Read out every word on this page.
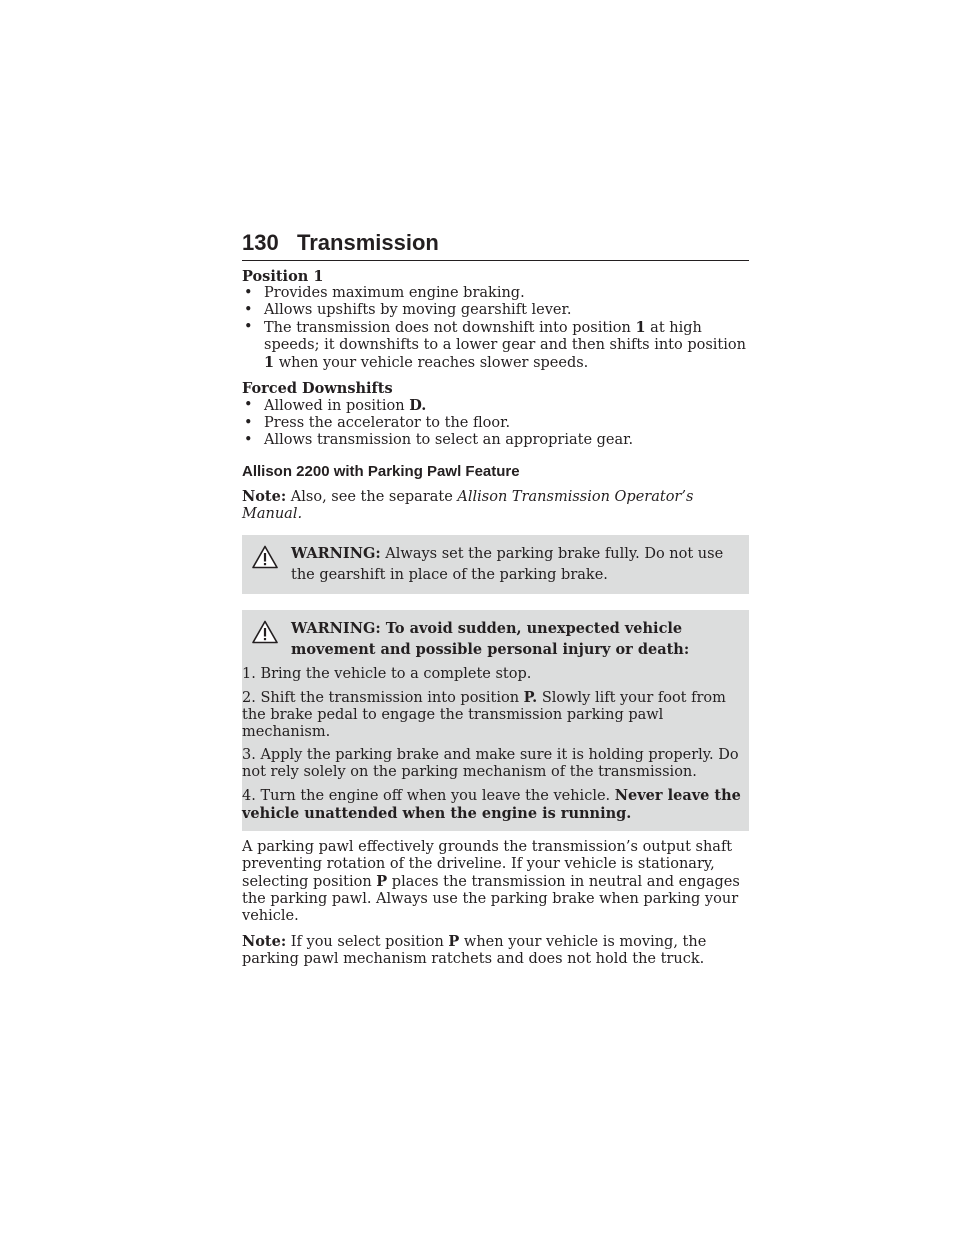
130 Transmission

Position 1

• Provides maximum engine braking.
• Allows upshifts by moving gearshift lever.
• The transmission does not downshift into position 1 at high speeds; it downshifts to a lower gear and then shifts into position 1 when your vehicle reaches slower speeds.

Forced Downshifts

• Allowed in position D.
• Press the accelerator to the floor.
• Allows transmission to select an appropriate gear.

Allison 2200 with Parking Pawl Feature

Note: Also, see the separate Allison Transmission Operator’s Manual.

WARNING: Always set the parking brake fully. Do not use the gearshift in place of the parking brake.

WARNING: To avoid sudden, unexpected vehicle movement and possible personal injury or death:

1. Bring the vehicle to a complete stop.

2. Shift the transmission into position P. Slowly lift your foot from the brake pedal to engage the transmission parking pawl mechanism.

3. Apply the parking brake and make sure it is holding properly. Do not rely solely on the parking mechanism of the transmission.

4. Turn the engine off when you leave the vehicle. Never leave the vehicle unattended when the engine is running.

A parking pawl effectively grounds the transmission’s output shaft preventing rotation of the driveline. If your vehicle is stationary, selecting position P places the transmission in neutral and engages the parking pawl. Always use the parking brake when parking your vehicle.

Note: If you select position P when your vehicle is moving, the parking pawl mechanism ratchets and does not hold the truck.
